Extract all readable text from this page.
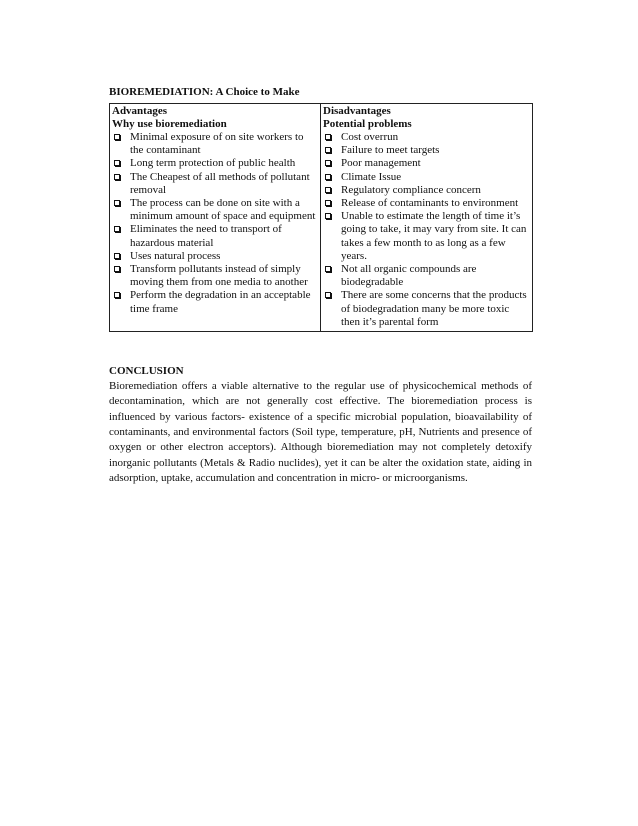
BIOREMEDIATION: A Choice to Make
Advantages
Why use bioremediation
Minimal exposure of on site workers to the contaminant
Long term protection of public health
The Cheapest of all methods of pollutant removal
The process can be done on site with a minimum amount of space and equipment
Eliminates the need to transport of hazardous material
Uses natural process
Transform pollutants instead of simply moving them from one media to another
Perform the degradation in an acceptable time frame

Disadvantages
Potential problems
Cost overrun
Failure to meet targets
Poor management
Climate Issue
Regulatory compliance concern
Release of contaminants to environment
Unable to estimate the length of time it’s going to take, it may vary from site. It can takes a few month to as long as a few years.
Not all organic compounds are biodegradable
There are some concerns that the products of biodegradation many be more toxic then it’s parental form
CONCLUSION

Bioremediation offers a viable alternative to the regular use of physicochemical methods of decontamination, which are not generally cost effective. The bioremediation process is influenced by various factors- existence of a specific microbial population, bioavailability of contaminants, and environmental factors (Soil type, temperature, pH, Nutrients and presence of oxygen or other electron acceptors). Although bioremediation may not completely detoxify inorganic pollutants (Metals & Radio nuclides), yet it can be alter the oxidation state, aiding in adsorption, uptake, accumulation and concentration in micro- or microorganisms.
